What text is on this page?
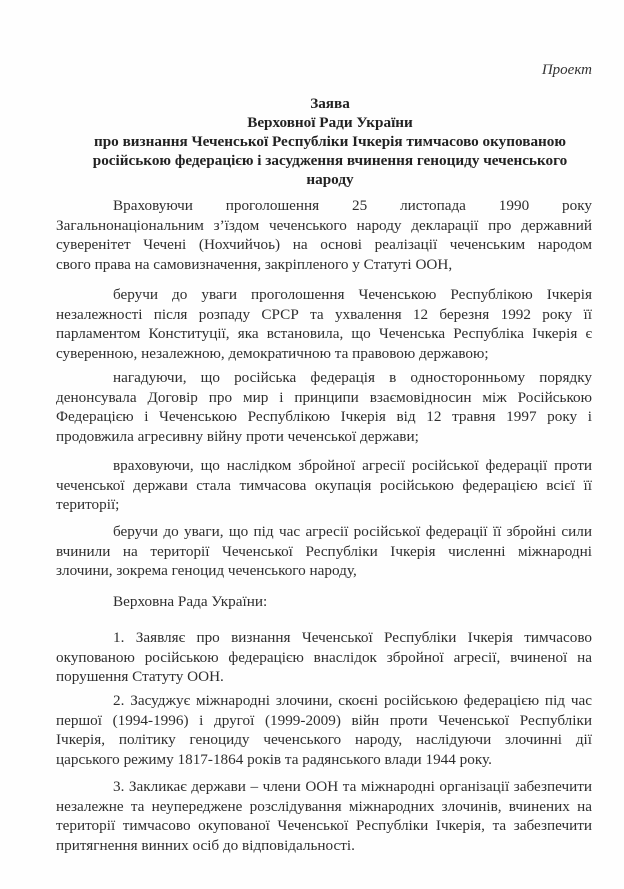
Проект
Заява
Верховної Ради України
про визнання Чеченської Республіки Ічкерія тимчасово окупованою
російською федерацією і засудження вчинення геноциду чеченського
народу
Враховуючи проголошення 25 листопада 1990 року
Загальнонаціональним з’їздом чеченського народу декларації про державний
суверенітет Чечені (Нохчийчоь) на основі реалізації чеченським народом
свого права на самовизначення, закріпленого у Статуті ООН,
беручи до уваги проголошення Чеченською Республікою Ічкерія
незалежності після розпаду СРСР та ухвалення 12 березня 1992 року її
парламентом Конституції, яка встановила, що Чеченська Республіка Ічкерія є
суверенною, незалежною, демократичною та правовою державою;
нагадуючи, що російська федерація в односторонньому порядку
денонсувала Договір про мир і принципи взаємовідносин між Російською
Федерацією і Чеченською Республікою Ічкерія від 12 травня 1997 року і
продовжила агресивну війну проти чеченської держави;
враховуючи, що наслідком збройної агресії російської федерації проти
чеченської держави стала тимчасова окупація російською федерацією всієї її
території;
беручи до уваги, що під час агресії російської федерації її збройні сили
вчинили на території Чеченської Республіки Ічкерія численні міжнародні
злочини, зокрема геноцид чеченського народу,
Верховна Рада України:
1. Заявляє про визнання Чеченської Республіки Ічкерія тимчасово
окупованою російською федерацією внаслідок збройної агресії, вчиненої на
порушення Статуту ООН.
2. Засуджує міжнародні злочини, скоєні російською федерацією під час
першої (1994-1996) і другої (1999-2009) війн проти Чеченської Республіки
Ічкерія, політику геноциду чеченського народу, наслідуючи злочинні дії
царського режиму 1817-1864 років та радянського влади 1944 року.
3. Закликає держави – члени ООН та міжнародні організації забезпечити
незалежне та неупереджене розслідування міжнародних злочинів, вчинених на
території тимчасово окупованої Чеченської Республіки Ічкерія, та забезпечити
притягнення винних осіб до відповідальності.
